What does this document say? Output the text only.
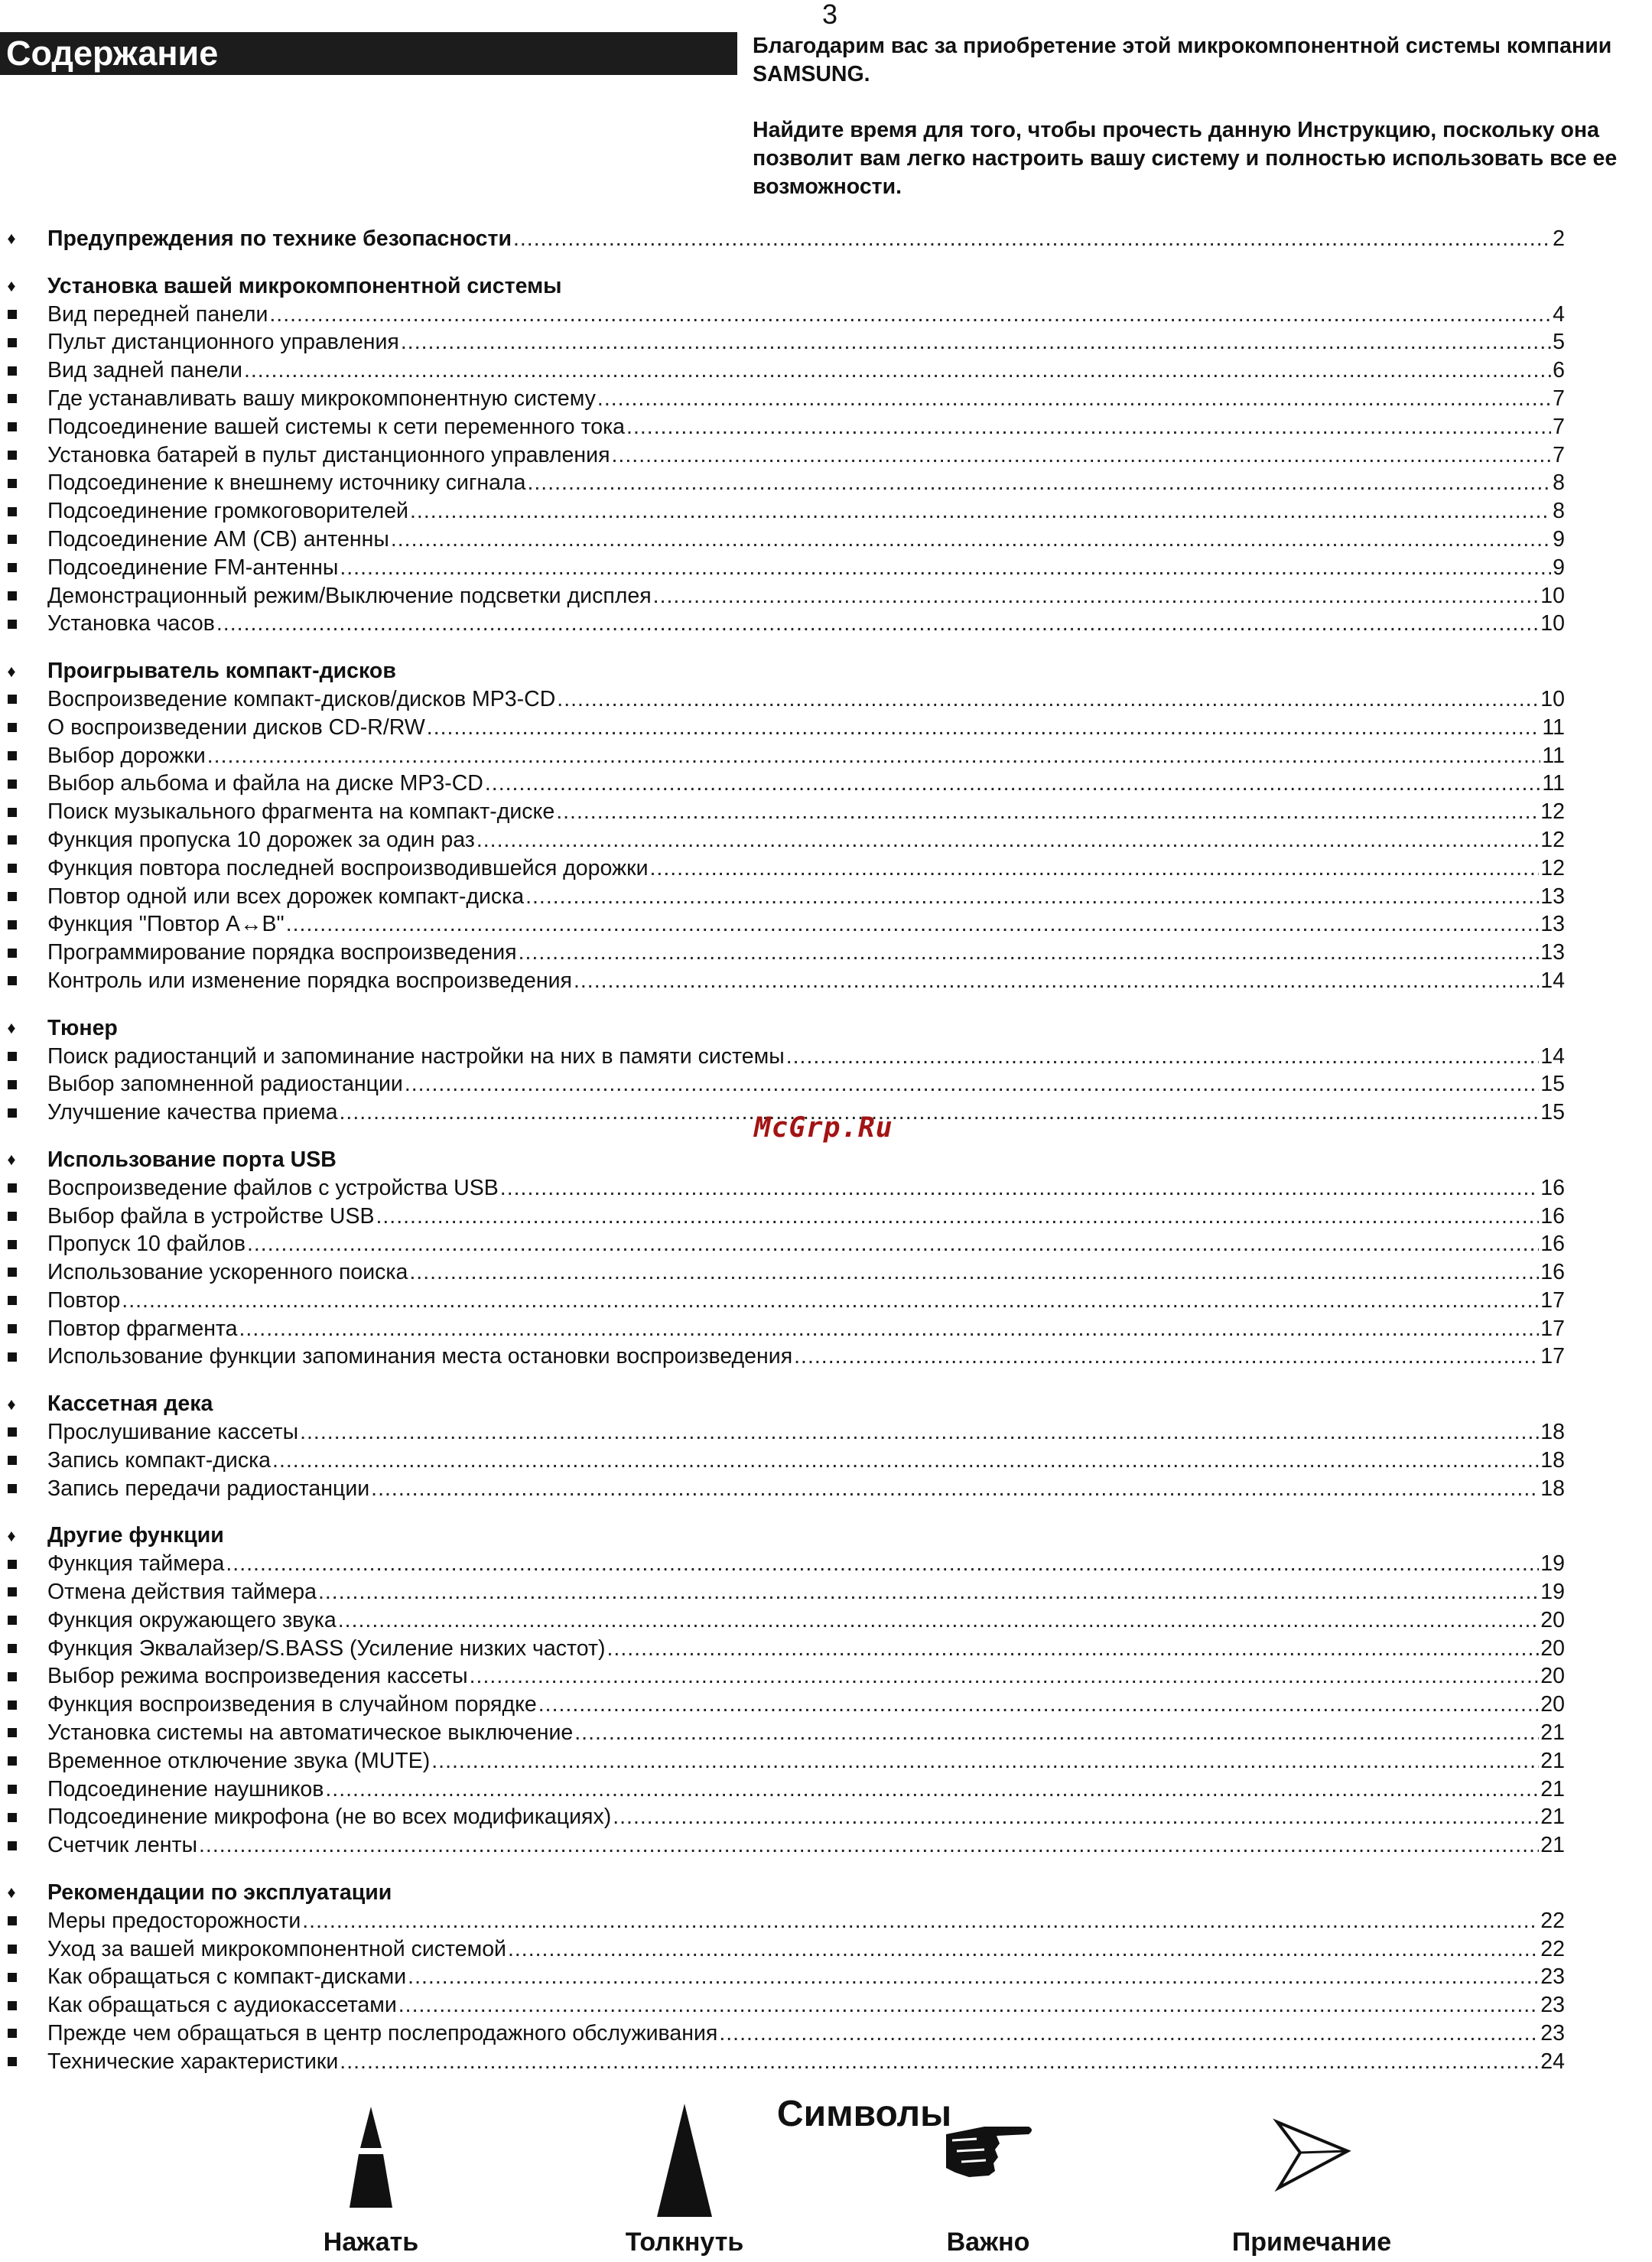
3
Содержание	Благодарим вас за приобретение этой микрокомпонентной системы компании SAMSUNG.

Найдите время для того, чтобы прочесть данную Инструкцию, поскольку она позволит вам легко настроить вашу систему и полностью использовать все ее возможности.

♦ Предупреждения по технике безопасности .....	2
♦ Установка вашей микрокомпонентной системы
Вид передней панели .....	4
Пульт дистанционного управления .....	5
Вид задней панели .....	6
Где устанавливать вашу микрокомпонентную систему .....	7
Подсоединение вашей системы к сети переменного тока .....	7
Установка батарей в пульт дистанционного управления .....	7
Подсоединение к внешнему источнику сигнала .....	8
Подсоединение громкоговорителей .....	8
Подсоединение AM (CB) антенны .....	9
Подсоединение FM-антенны .....	9
Демонстрационный режим/Выключение подсветки дисплея .....	10
Установка часов .....	10
♦ Проигрыватель компакт-дисков
Воспроизведение компакт-дисков/дисков MP3-CD .....	10
О воспроизведении дисков CD-R/RW .....	11
Выбор дорожки .....	11
Выбор альбома и файла на диске MP3-CD .....	11
Поиск музыкального фрагмента на компакт-диске .....	12
Функция пропуска 10 дорожек за один раз .....	12
Функция повтора последней воспроизводившейся дорожки .....	12
Повтор одной или всех дорожек компакт-диска .....	13
Функция "Повтор A↔B" .....	13
Программирование порядка воспроизведения .....	13
Контроль или изменение порядка воспроизведения .....	14
♦ Тюнер
Поиск радиостанций и запоминание настройки на них в памяти системы .....	14
Выбор запомненной радиостанции .....	15
Улучшение качества приема .....	15
♦ Использование порта USB
Воспроизведение файлов с устройства USB .....	16
Выбор файла в устройстве USB .....	16
Пропуск 10 файлов .....	16
Использование ускоренного поиска .....	16
Повтор .....	17
Повтор фрагмента .....	17
Использование функции запоминания места остановки воспроизведения .....	17
♦ Кассетная дека
Прослушивание кассеты .....	18
Запись компакт-диска .....	18
Запись передачи радиостанции .....	18
♦ Другие функции
Функция таймера .....	19
Отмена действия таймера .....	19
Функция окружающего звука .....	20
Функция Эквалайзер/S.BASS (Усиление низких частот) .....	20
Выбор режима воспроизведения кассеты .....	20
Функция воспроизведения в случайном порядке .....	20
Установка системы на автоматическое выключение .....	21
Временное отключение звука (MUTE) .....	21
Подсоединение наушников .....	21
Подсоединение микрофона (не во всех модификациях) .....	21
Счетчик ленты .....	21
♦ Рекомендации по эксплуатации
Меры предосторожности .....	22
Уход за вашей микрокомпонентной системой .....	22
Как обращаться с компакт-дисками .....	23
Как обращаться с аудиокассетами .....	23
Прежде чем обращаться в центр послепродажного обслуживания .....	23
Технические характеристики .....	24
McGrp.Ru
Символы
Нажать	Толкнуть	Важно	Примечание
